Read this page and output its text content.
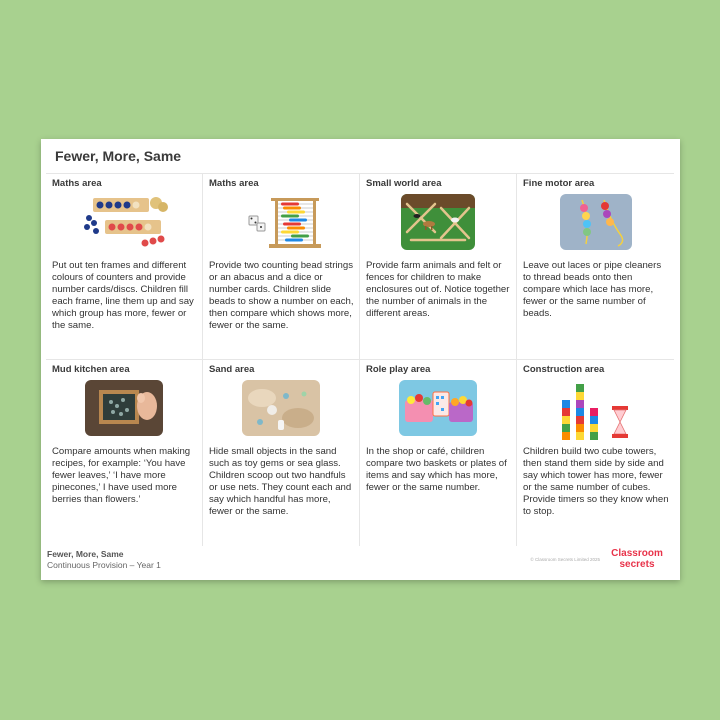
Fewer, More, Same
Maths area
Put out ten frames and different colours of counters and provide number cards/discs. Children fill each frame, line them up and say which group has more, fewer or the same.
Maths area
Provide two counting bead strings or an abacus and a dice or number cards. Children slide beads to show a number on each, then compare which shows more, fewer or the same.
Small world area
Provide farm animals and felt or fences for children to make enclosures out of. Notice together the number of animals in the different areas.
Fine motor area
Leave out laces or pipe cleaners to thread beads onto then compare which lace has more, fewer or the same number of beads.
Mud kitchen area
Compare amounts when making recipes, for example: ‘You have fewer leaves,’ ‘I have more pinecones,’ I have used more berries than flowers.’
Sand area
Hide small objects in the sand such as toy gems or sea glass. Children scoop out two handfuls or use nets. They count each and say which handful has more, fewer or the same.
Role play area
In the shop or café, children compare two baskets or plates of items and say which has more, fewer or the same number.
Construction area
Children build two cube towers, then stand them side by side and say which tower has more, fewer or the same number of cubes. Provide timers so they know when to stop.
Fewer, More, Same
Continuous Provision – Year 1
© Classroom Secrets Limited 2025
Classroom
secrets
